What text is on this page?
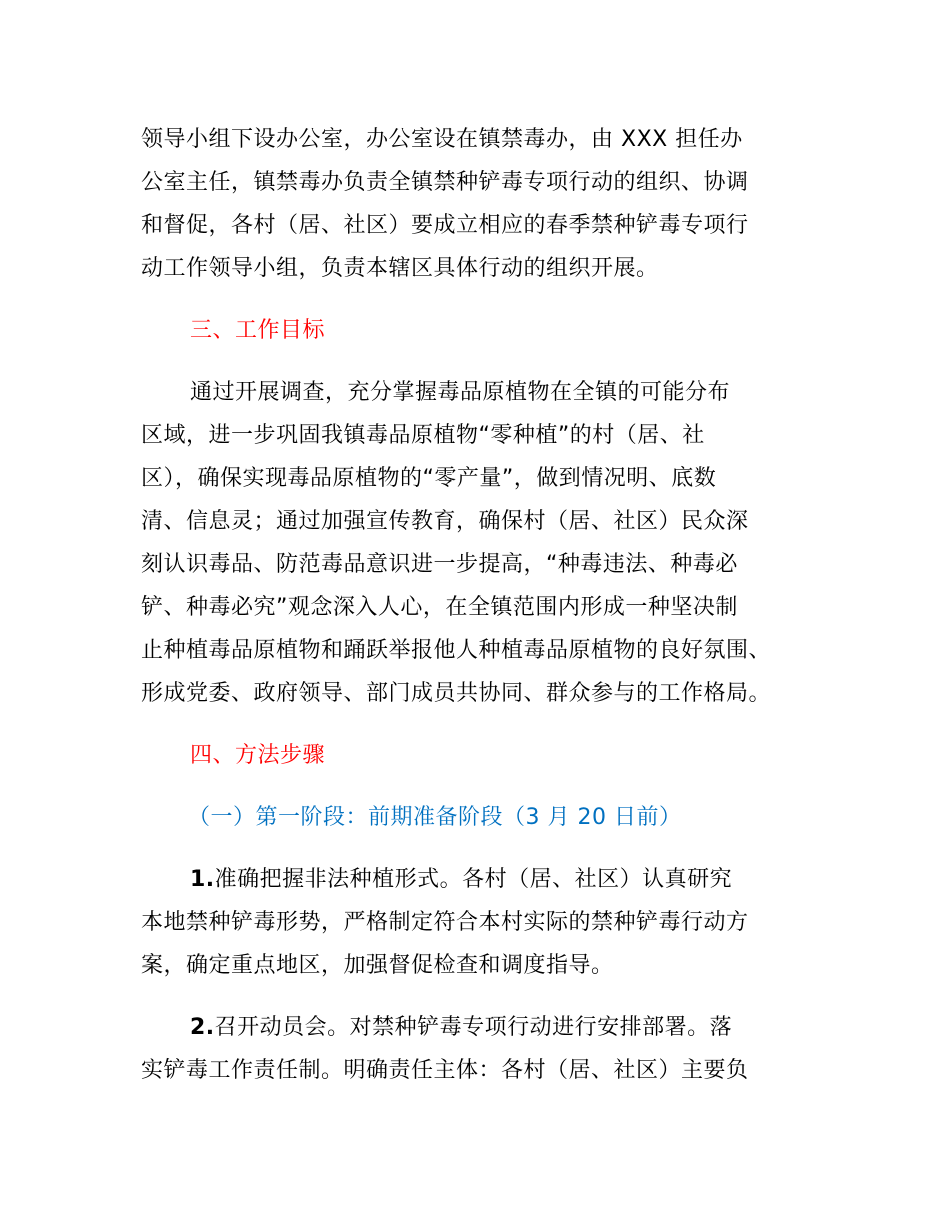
领导小组下设办公室，办公室设在镇禁毒办，由 XXX 担任办
公室主任，镇禁毒办负责全镇禁种铲毒专项行动的组织、协调
和督促，各村（居、社区）要成立相应的春季禁种铲毒专项行
动工作领导小组，负责本辖区具体行动的组织开展。
三、工作目标
通过开展调查，充分掌握毒品原植物在全镇的可能分布
区域，进一步巩固我镇毒品原植物“零种植”的村（居、社
区），确保实现毒品原植物的“零产量”，做到情况明、底数
清、信息灵；通过加强宣传教育，确保村（居、社区）民众深
刻认识毒品、防范毒品意识进一步提高，“种毒违法、种毒必
铲、种毒必究”观念深入人心，在全镇范围内形成一种坚决制
止种植毒品原植物和踊跃举报他人种植毒品原植物的良好氛围、
形成党委、政府领导、部门成员共协同、群众参与的工作格局。
四、方法步骤
（一）第一阶段：前期准备阶段（3 月 20 日前）
1.准确把握非法种植形式。各村（居、社区）认真研究
本地禁种铲毒形势，严格制定符合本村实际的禁种铲毒行动方
案，确定重点地区，加强督促检查和调度指导。
2.召开动员会。对禁种铲毒专项行动进行安排部署。落
实铲毒工作责任制。明确责任主体：各村（居、社区）主要负
